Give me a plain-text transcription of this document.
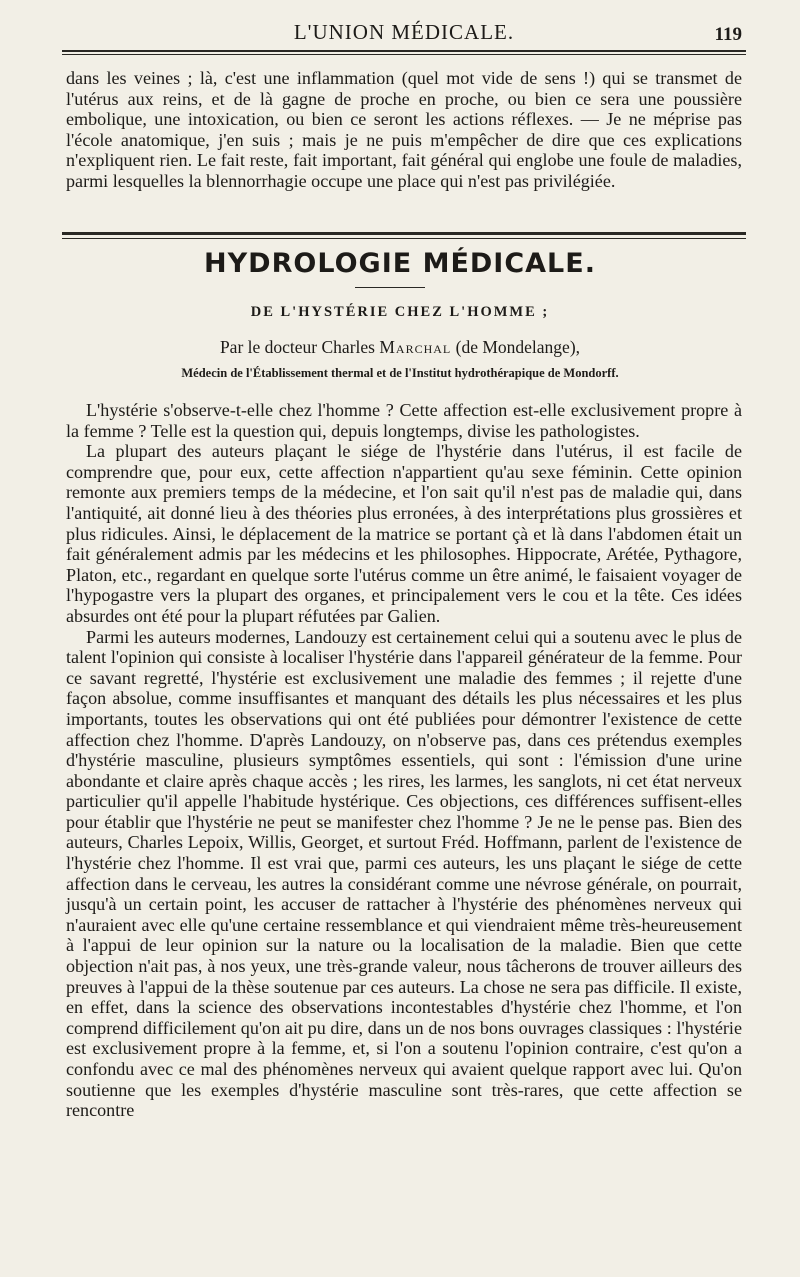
L'UNION MÉDICALE.	119
dans les veines ; là, c'est une inflammation (quel mot vide de sens !) qui se transmet de l'utérus aux reins, et de là gagne de proche en proche, ou bien ce sera une poussière embolique, une intoxication, ou bien ce seront les actions réflexes. — Je ne méprise pas l'école anatomique, j'en suis ; mais je ne puis m'empêcher de dire que ces explications n'expliquent rien. Le fait reste, fait important, fait général qui englobe une foule de maladies, parmi lesquelles la blennorrhagie occupe une place qui n'est pas privilégiée.
HYDROLOGIE MÉDICALE.
DE L'HYSTÉRIE CHEZ L'HOMME ;
Par le docteur Charles Marchal (de Mondelange),
Médecin de l'Établissement thermal et de l'Institut hydrothérapique de Mondorff.

L'hystérie s'observe-t-elle chez l'homme ? Cette affection est-elle exclusivement propre à la femme ? Telle est la question qui, depuis longtemps, divise les pathologistes.

La plupart des auteurs plaçant le siége de l'hystérie dans l'utérus, il est facile de comprendre que, pour eux, cette affection n'appartient qu'au sexe féminin. Cette opinion remonte aux premiers temps de la médecine, et l'on sait qu'il n'est pas de maladie qui, dans l'antiquité, ait donné lieu à des théories plus erronées, à des interprétations plus grossières et plus ridicules. Ainsi, le déplacement de la matrice se portant çà et là dans l'abdomen était un fait généralement admis par les médecins et les philosophes. Hippocrate, Arétée, Pythagore, Platon, etc., regardant en quelque sorte l'utérus comme un être animé, le faisaient voyager de l'hypogastre vers la plupart des organes, et principalement vers le cou et la tête. Ces idées absurdes ont été pour la plupart réfutées par Galien.

Parmi les auteurs modernes, Landouzy est certainement celui qui a soutenu avec le plus de talent l'opinion qui consiste à localiser l'hystérie dans l'appareil générateur de la femme. Pour ce savant regretté, l'hystérie est exclusivement une maladie des femmes ; il rejette d'une façon absolue, comme insuffisantes et manquant des détails les plus nécessaires et les plus importants, toutes les observations qui ont été publiées pour démontrer l'existence de cette affection chez l'homme. D'après Landouzy, on n'observe pas, dans ces prétendus exemples d'hystérie masculine, plusieurs symptômes essentiels, qui sont : l'émission d'une urine abondante et claire après chaque accès ; les rires, les larmes, les sanglots, ni cet état nerveux particulier qu'il appelle l'habitude hystérique. Ces objections, ces différences suffisent-elles pour établir que l'hystérie ne peut se manifester chez l'homme ? Je ne le pense pas. Bien des auteurs, Charles Lepoix, Willis, Georget, et surtout Fréd. Hoffmann, parlent de l'existence de l'hystérie chez l'homme. Il est vrai que, parmi ces auteurs, les uns plaçant le siége de cette affection dans le cerveau, les autres la considérant comme une névrose générale, on pourrait, jusqu'à un certain point, les accuser de rattacher à l'hystérie des phénomènes nerveux qui n'auraient avec elle qu'une certaine ressemblance et qui viendraient même très-heureusement à l'appui de leur opinion sur la nature ou la localisation de la maladie. Bien que cette objection n'ait pas, à nos yeux, une très-grande valeur, nous tâcherons de trouver ailleurs des preuves à l'appui de la thèse soutenue par ces auteurs. La chose ne sera pas difficile. Il existe, en effet, dans la science des observations incontestables d'hystérie chez l'homme, et l'on comprend difficilement qu'on ait pu dire, dans un de nos bons ouvrages classiques : l'hystérie est exclusivement propre à la femme, et, si l'on a soutenu l'opinion contraire, c'est qu'on a confondu avec ce mal des phénomènes nerveux qui avaient quelque rapport avec lui. Qu'on soutienne que les exemples d'hystérie masculine sont très-rares, que cette affection se rencontre
